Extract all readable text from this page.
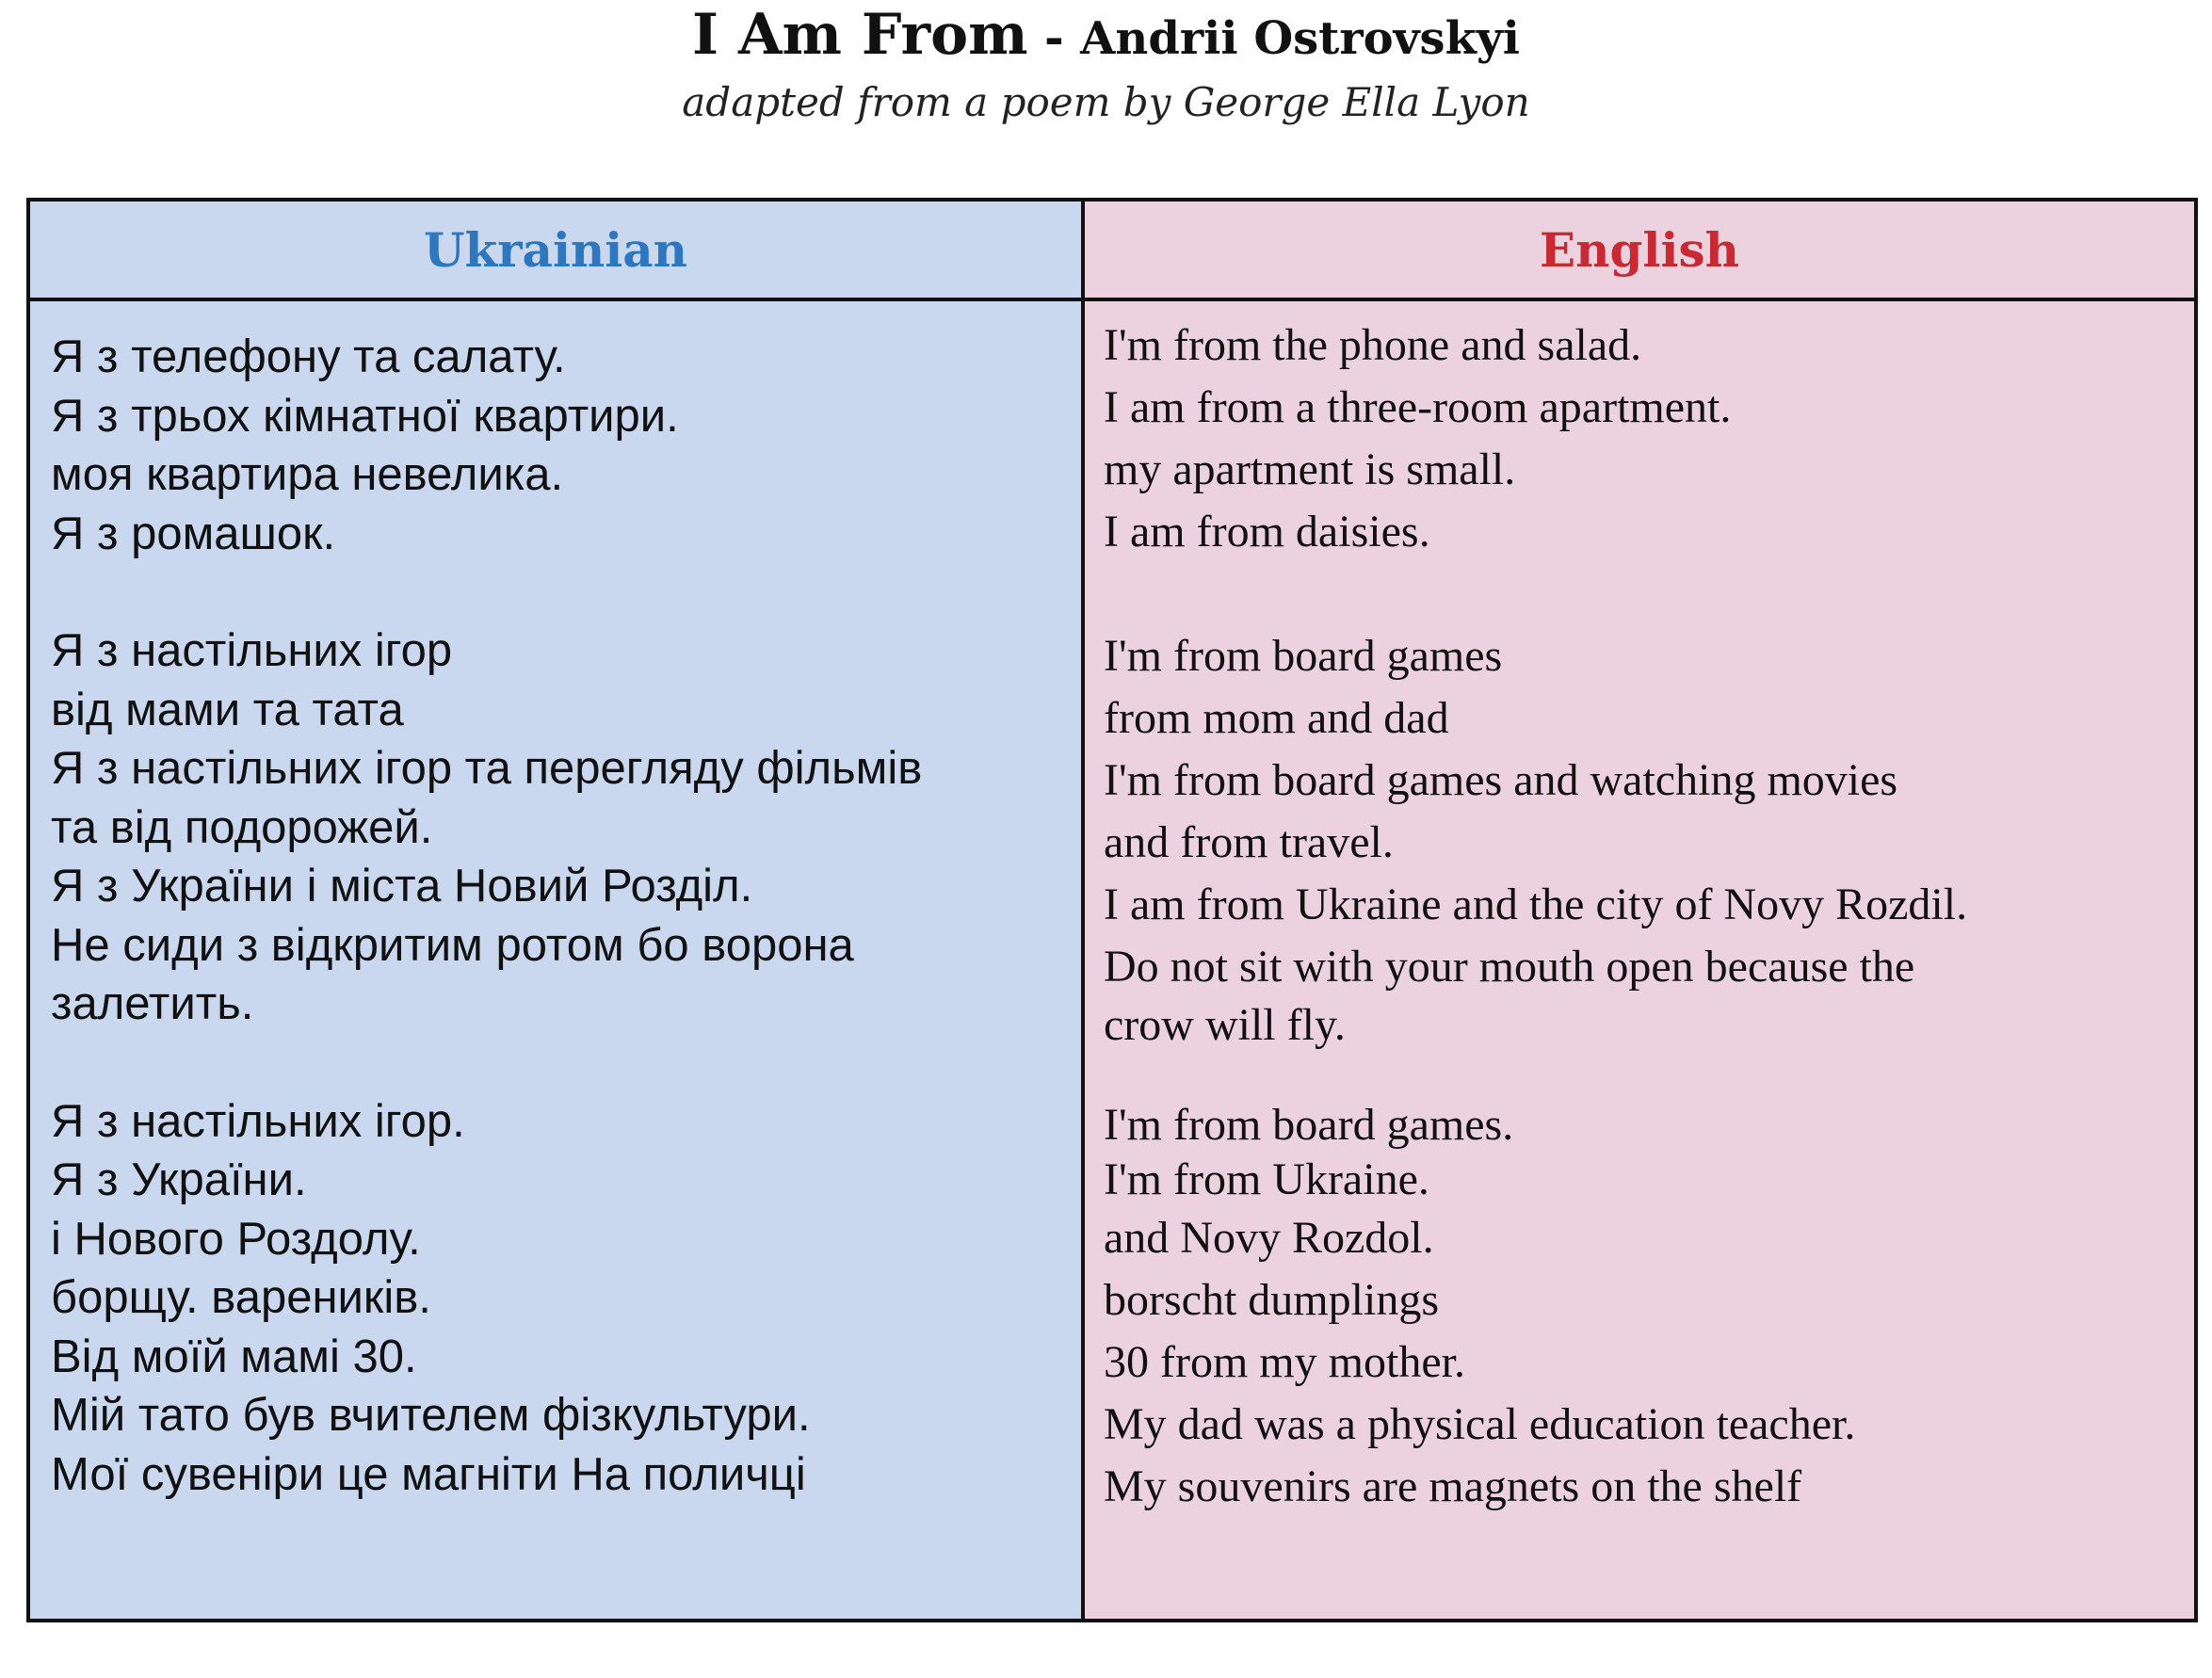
I Am From - Andrii Ostrovskyi
adapted from a poem by George Ella Lyon
Ukrainian	English
Я з телефону та салату.
Я з трьох кімнатної квартири.
моя квартира невелика.
Я з ромашок.
Я з настільних ігор
від мами та тата
Я з настільних ігор та перегляду фільмів
та від подорожей.
Я з України і міста Новий Розділ.
Не сиди з відкритим ротом бо ворона
залетить.
Я з настільних ігор.
Я з України.
і Нового Роздолу.
борщу. вареників.
Від моїй мамі 30.
Мій тато був вчителем фізкультури.
Мої сувеніри це магніти На поличці
I'm from the phone and salad.
I am from a three-room apartment.
my apartment is small.
I am from daisies.
I'm from board games
from mom and dad
I'm from board games and watching movies
and from travel.
I am from Ukraine and the city of Novy Rozdil.
Do not sit with your mouth open because the
crow will fly.
I'm from board games.
I'm from Ukraine.
and Novy Rozdol.
borscht dumplings
30 from my mother.
My dad was a physical education teacher.
My souvenirs are magnets on the shelf
